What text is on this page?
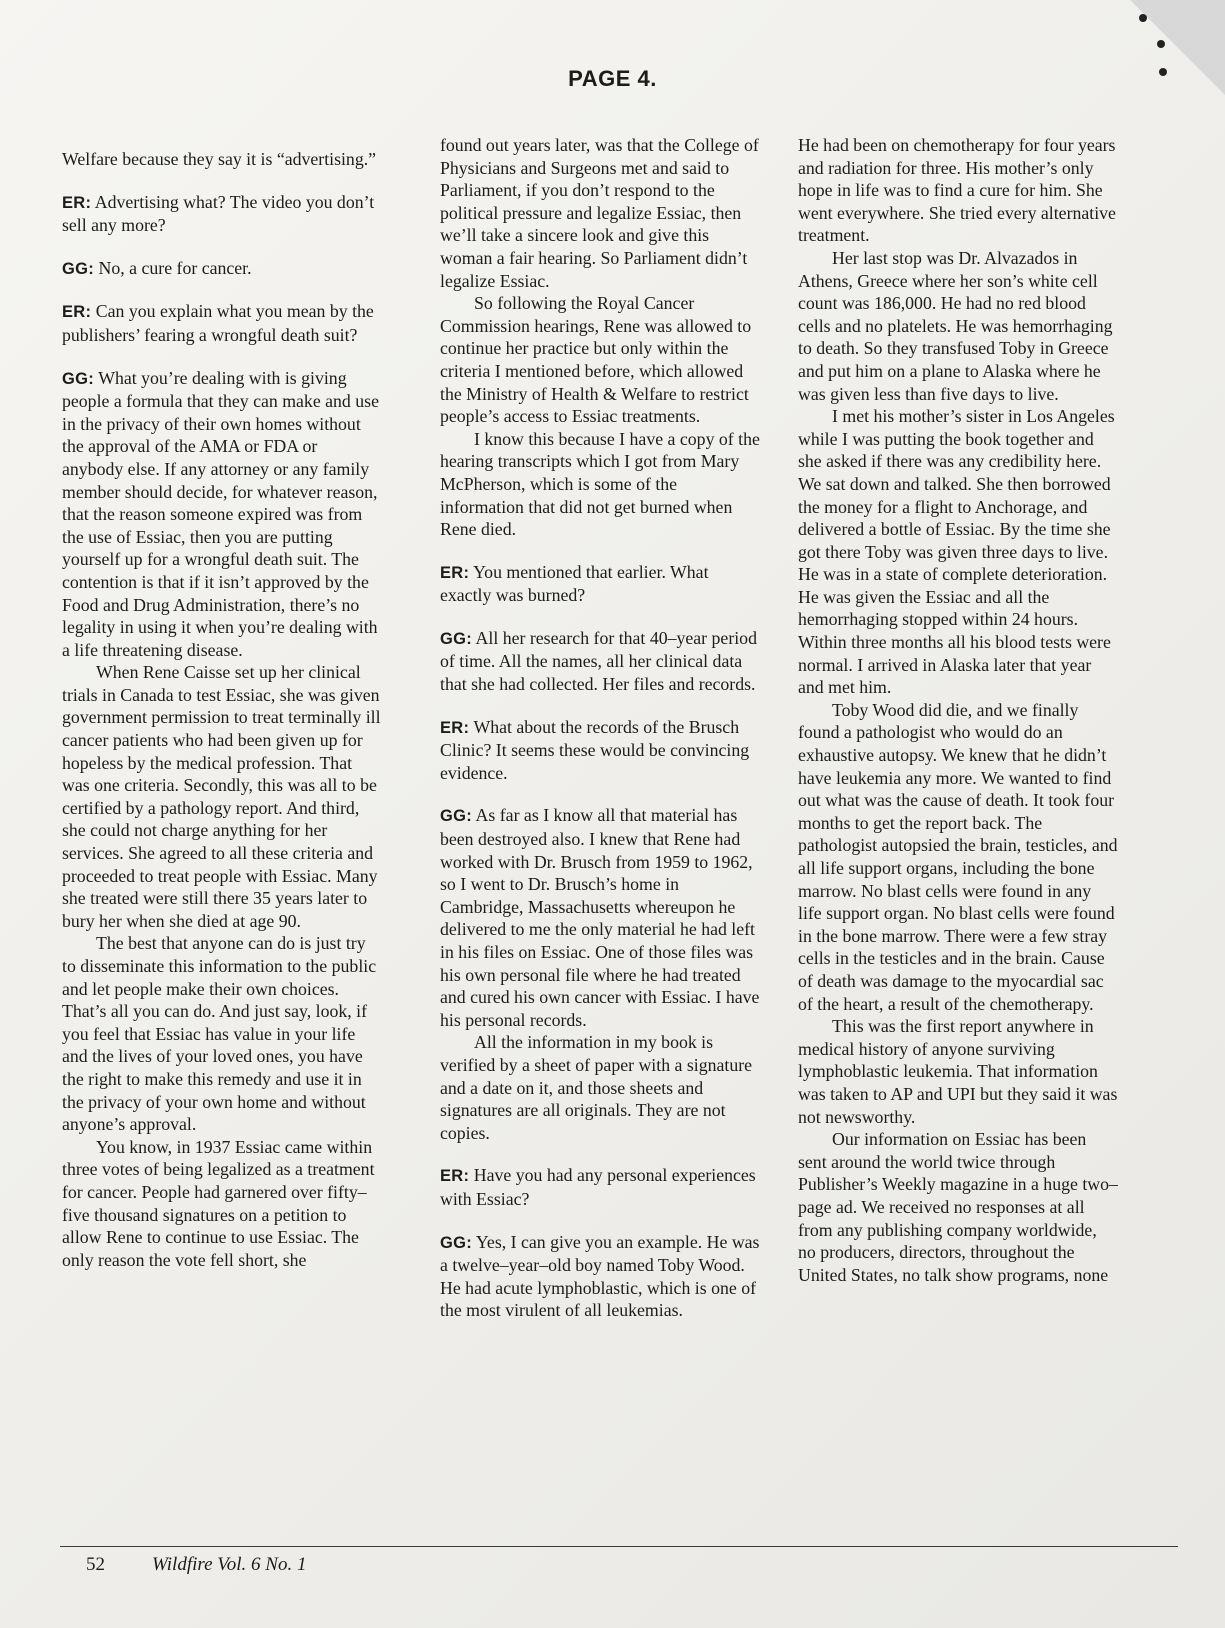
PAGE 4.

Welfare because they say it is “advertising.”

ER: Advertising what? The video you don’t sell any more?

GG: No, a cure for cancer.

ER: Can you explain what you mean by the publishers’ fearing a wrongful death suit?

GG: What you’re dealing with is giving people a formula that they can make and use in the privacy of their own homes without the approval of the AMA or FDA or anybody else. If any attorney or any family member should decide, for whatever reason, that the reason someone expired was from the use of Essiac, then you are putting yourself up for a wrongful death suit. The contention is that if it isn’t approved by the Food and Drug Administration, there’s no legality in using it when you’re dealing with a life threatening disease.

When Rene Caisse set up her clinical trials in Canada to test Essiac, she was given government permission to treat terminally ill cancer patients who had been given up for hopeless by the medical profession. That was one criteria. Secondly, this was all to be certified by a pathology report. And third, she could not charge anything for her services. She agreed to all these criteria and proceeded to treat people with Essiac. Many she treated were still there 35 years later to bury her when she died at age 90.

The best that anyone can do is just try to disseminate this information to the public and let people make their own choices. That’s all you can do. And just say, look, if you feel that Essiac has value in your life and the lives of your loved ones, you have the right to make this remedy and use it in the privacy of your own home and without anyone’s approval.

You know, in 1937 Essiac came within three votes of being legalized as a treatment for cancer. People had garnered over fifty–five thousand signatures on a petition to allow Rene to continue to use Essiac. The only reason the vote fell short, she

found out years later, was that the College of Physicians and Surgeons met and said to Parliament, if you don’t respond to the political pressure and legalize Essiac, then we’ll take a sincere look and give this woman a fair hearing. So Parliament didn’t legalize Essiac.

So following the Royal Cancer Commission hearings, Rene was allowed to continue her practice but only within the criteria I mentioned before, which allowed the Ministry of Health & Welfare to restrict people’s access to Essiac treatments.

I know this because I have a copy of the hearing transcripts which I got from Mary McPherson, which is some of the information that did not get burned when Rene died.

ER: You mentioned that earlier. What exactly was burned?

GG: All her research for that 40–year period of time. All the names, all her clinical data that she had collected. Her files and records.

ER: What about the records of the Brusch Clinic? It seems these would be convincing evidence.

GG: As far as I know all that material has been destroyed also. I knew that Rene had worked with Dr. Brusch from 1959 to 1962, so I went to Dr. Brusch’s home in Cambridge, Massachusetts whereupon he delivered to me the only material he had left in his files on Essiac. One of those files was his own personal file where he had treated and cured his own cancer with Essiac. I have his personal records.

All the information in my book is verified by a sheet of paper with a signature and a date on it, and those sheets and signatures are all originals. They are not copies.

ER: Have you had any personal experiences with Essiac?

GG: Yes, I can give you an example. He was a twelve–year–old boy named Toby Wood. He had acute lymphoblastic, which is one of the most virulent of all leukemias.

He had been on chemotherapy for four years and radiation for three. His mother’s only hope in life was to find a cure for him. She went everywhere. She tried every alternative treatment.

Her last stop was Dr. Alvazados in Athens, Greece where her son’s white cell count was 186,000. He had no red blood cells and no platelets. He was hemorrhaging to death. So they transfused Toby in Greece and put him on a plane to Alaska where he was given less than five days to live.

I met his mother’s sister in Los Angeles while I was putting the book together and she asked if there was any credibility here. We sat down and talked. She then borrowed the money for a flight to Anchorage, and delivered a bottle of Essiac. By the time she got there Toby was given three days to live. He was in a state of complete deterioration. He was given the Essiac and all the hemorrhaging stopped within 24 hours. Within three months all his blood tests were normal. I arrived in Alaska later that year and met him.

Toby Wood did die, and we finally found a pathologist who would do an exhaustive autopsy. We knew that he didn’t have leukemia any more. We wanted to find out what was the cause of death. It took four months to get the report back. The pathologist autopsied the brain, testicles, and all life support organs, including the bone marrow. No blast cells were found in any life support organ. No blast cells were found in the bone marrow. There were a few stray cells in the testicles and in the brain. Cause of death was damage to the myocardial sac of the heart, a result of the chemotherapy.

This was the first report anywhere in medical history of anyone surviving lymphoblastic leukemia. That information was taken to AP and UPI but they said it was not newsworthy.

Our information on Essiac has been sent around the world twice through Publisher’s Weekly magazine in a huge two–page ad. We received no responses at all from any publishing company worldwide, no producers, directors, throughout the United States, no talk show programs, none

52 Wildfire Vol. 6 No. 1
